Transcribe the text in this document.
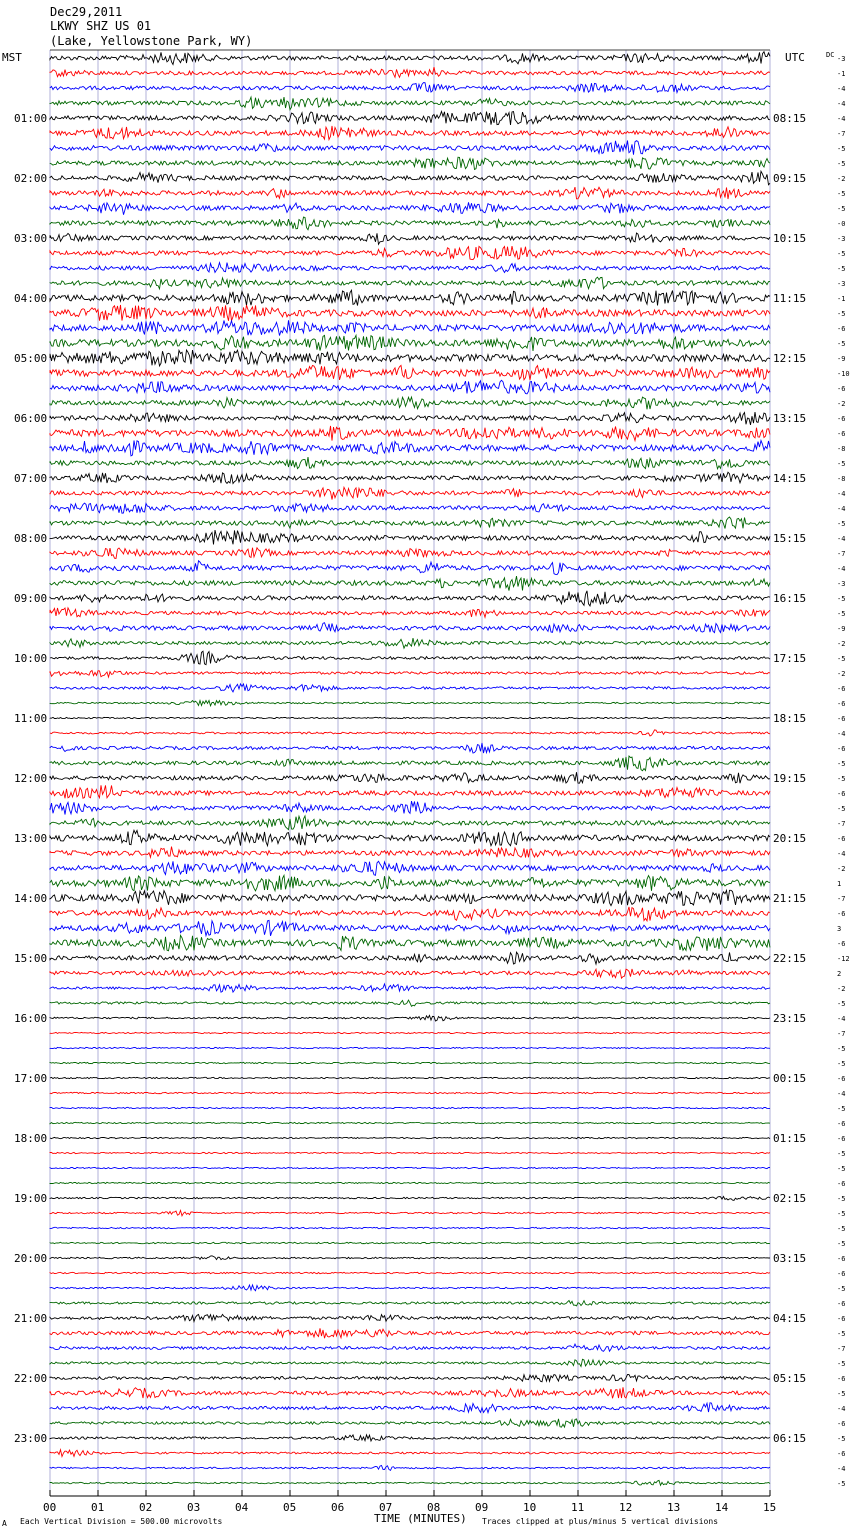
Dec29,2011
LKWY SHZ US 01
(Lake, Yellowstone Park, WY)
MST	UTC	DC
01:00	08:15
02:00	09:15
03:00	10:15
04:00	11:15
05:00	12:15
06:00	13:15
07:00	14:15
08:00	15:15
09:00	16:15
10:00	17:15
11:00	18:15
12:00	19:15
13:00	20:15
14:00	21:15
15:00	22:15
16:00	23:15
17:00	00:15
18:00	01:15
19:00	02:15
20:00	03:15
21:00	04:15
22:00	05:15
23:00	06:15
-3
-1
-4
-4
-4
-7
-5
-5
-2
-5
-5
-0
-3
-5
-5
-3
-1
-5
-6
-5
-9
-10
-6
-2
-6
-6
-8
-5
-8
-4
-4
-5
-4
-7
-4
-3
-5
-5
-9
-2
-5
-2
-6
-6
-6
-4
-6
-5
-5
-6
-5
-7
-6
-4
-2
1
-7
-6
3
-6
-12
2
-2
-5
-4
-7
-5
-5
-6
-4
-5
-6
-6
-5
-5
-6
-5
-5
-5
-5
-6
-6
-5
-6
-6
-5
-7
-5
-6
-5
-4
-6
-5
-6
-4
-5
00	01	02	03	04	05	06	07	08	09	10	11	12	13	14	15
TIME (MINUTES)
Each Vertical Division = 500.00 microvolts	Traces clipped at plus/minus 5 vertical divisions
A
